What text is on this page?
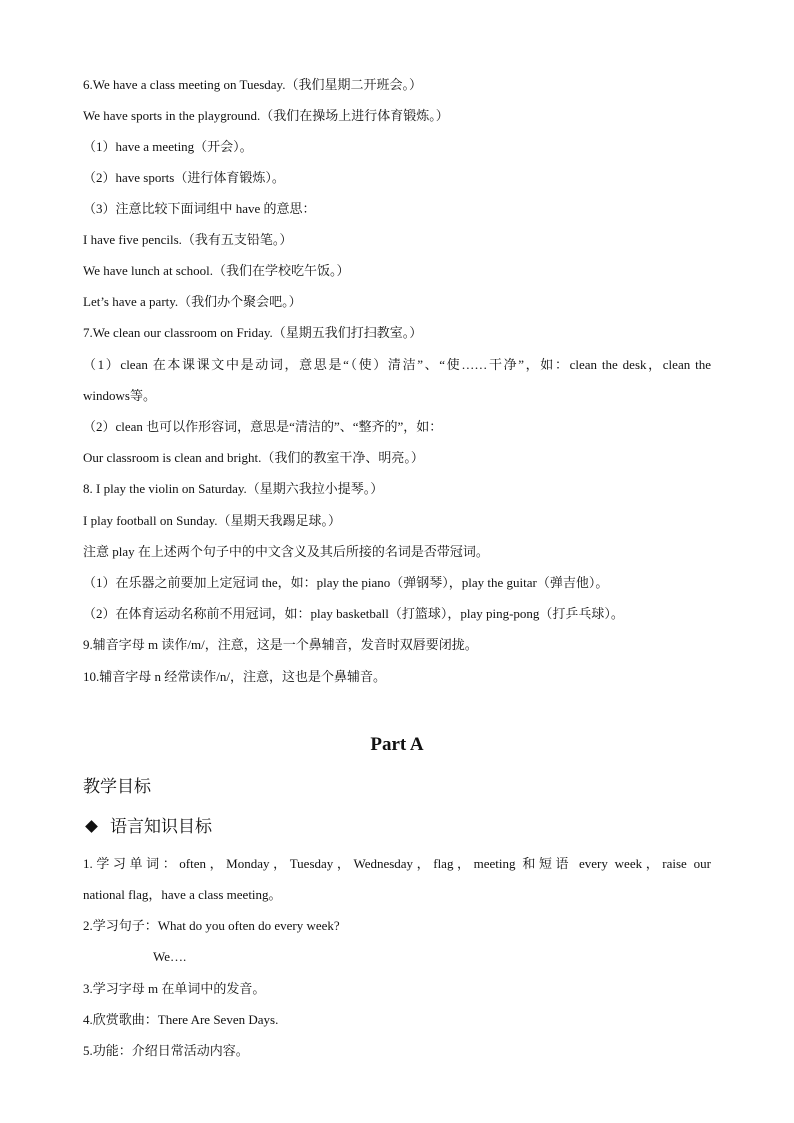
6.We have a class meeting on Tuesday.（我们星期二开班会。）
We have sports in the playground.（我们在操场上进行体育锻炼。）
（1）have a meeting（开会）。
（2）have sports（进行体育锻炼）。
（3）注意比较下面词组中 have 的意思：
I have five pencils.（我有五支铅笔。）
We have lunch at school.（我们在学校吃午饭。）
Let’s have a party.（我们办个聚会吧。）
7.We clean our classroom on Friday.（星期五我们打扫教室。）
（1）clean 在本课课文中是动词，意思是“（使）清洁”、“使……干净”，如：clean the desk，clean the
windows等。
（2）clean 也可以作形容词，意思是“清洁的”、“整齐的”，如：
Our classroom is clean and bright.（我们的教室干净、明亮。）
8. I play the violin on Saturday.（星期六我拉小提琴。）
I play football on Sunday.（星期天我踢足球。）
注意 play 在上述两个句子中的中文含义及其后所接的名词是否带冠词。
（1）在乐器之前要加上定冠词 the，如：play the piano（弹钢琴），play the guitar（弹吉他）。
（2）在体育运动名称前不用冠词，如：play basketball（打篮球），play ping-pong（打乒乓球）。
9.辅音字母 m 读作/m/，注意，这是一个鼻辅音，发音时双唇要闭拢。
10.辅音字母 n 经常读作/n/，注意，这也是个鼻辅音。
Part A
教学目标
语言知识目标
1.学习单词：often，Monday，Tuesday，Wednesday，flag，meeting 和短语 every week，raise our
national flag，have a class meeting。
2.学习句子：What do you often do every week?
We….
3.学习字母 m 在单词中的发音。
4.欣赏歌曲：There Are Seven Days.
5.功能：介绍日常活动内容。
